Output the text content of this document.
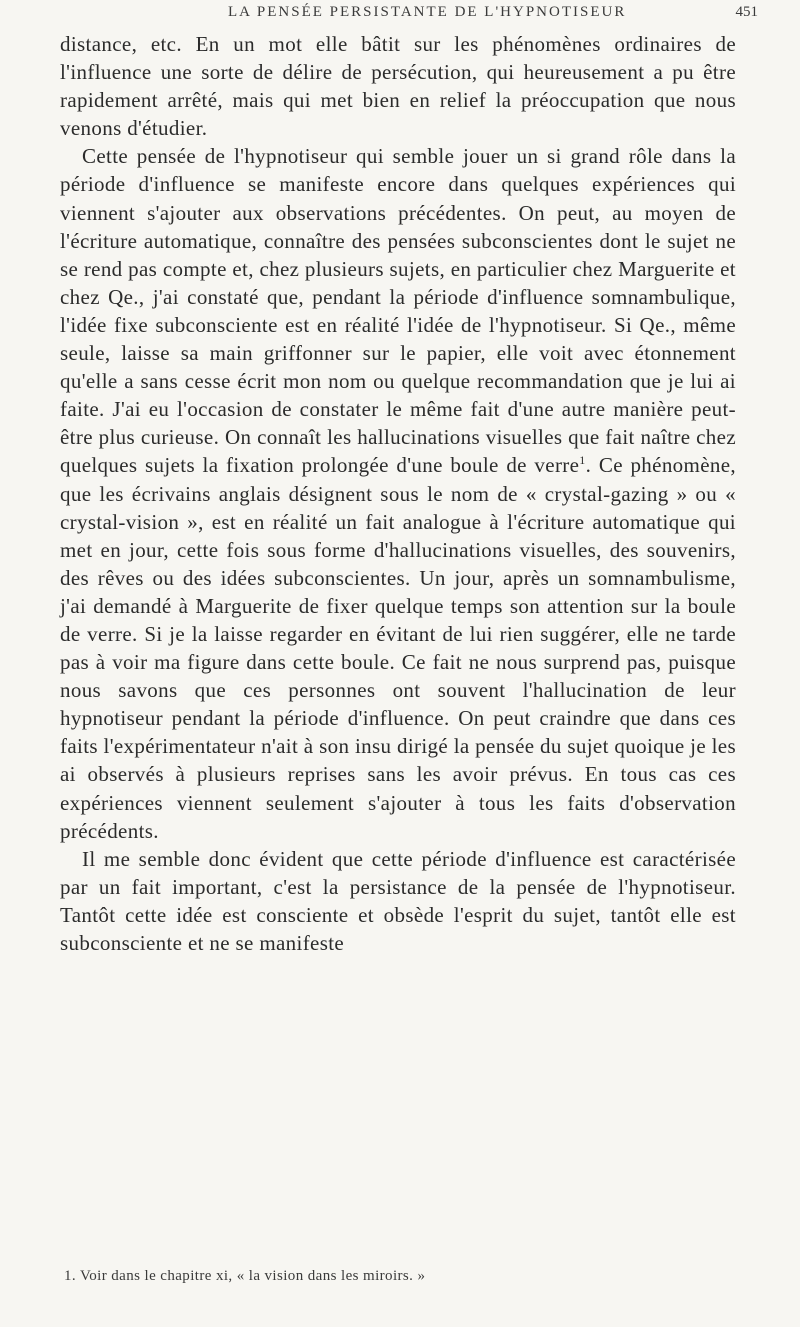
LA PENSÉE PERSISTANTE DE L'HYPNOTISEUR	451

distance, etc. En un mot elle bâtit sur les phénomènes ordinaires de l'influence une sorte de délire de persécution, qui heureusement a pu être rapidement arrêté, mais qui met bien en relief la préoccupation que nous venons d'étudier.

Cette pensée de l'hypnotiseur qui semble jouer un si grand rôle dans la période d'influence se manifeste encore dans quelques expériences qui viennent s'ajouter aux observations précédentes. On peut, au moyen de l'écriture automatique, connaître des pensées subconscientes dont le sujet ne se rend pas compte et, chez plusieurs sujets, en particulier chez Marguerite et chez Qe., j'ai constaté que, pendant la période d'influence somnambulique, l'idée fixe subconsciente est en réalité l'idée de l'hypnotiseur. Si Qe., même seule, laisse sa main griffonner sur le papier, elle voit avec étonnement qu'elle a sans cesse écrit mon nom ou quelque recommandation que je lui ai faite. J'ai eu l'occasion de constater le même fait d'une autre manière peut-être plus curieuse. On connaît les hallucinations visuelles que fait naître chez quelques sujets la fixation prolongée d'une boule de verre$^1$. Ce phénomène, que les écrivains anglais désignent sous le nom de « crystal-gazing » ou « crystal-vision », est en réalité un fait analogue à l'écriture automatique qui met en jour, cette fois sous forme d'hallucinations visuelles, des souvenirs, des rêves ou des idées subconscientes. Un jour, après un somnambulisme, j'ai demandé à Marguerite de fixer quelque temps son attention sur la boule de verre. Si je la laisse regarder en évitant de lui rien suggérer, elle ne tarde pas à voir ma figure dans cette boule. Ce fait ne nous surprend pas, puisque nous savons que ces personnes ont souvent l'hallucination de leur hypnotiseur pendant la période d'influence. On peut craindre que dans ces faits l'expérimentateur n'ait à son insu dirigé la pensée du sujet quoique je les ai observés à plusieurs reprises sans les avoir prévus. En tous cas ces expériences viennent seulement s'ajouter à tous les faits d'observation précédents.

Il me semble donc évident que cette période d'influence est caractérisée par un fait important, c'est la persistance de la pensée de l'hypnotiseur. Tantôt cette idée est consciente et obsède l'esprit du sujet, tantôt elle est subconsciente et ne se manifeste

1. Voir dans le chapitre xi, « la vision dans les miroirs. »
